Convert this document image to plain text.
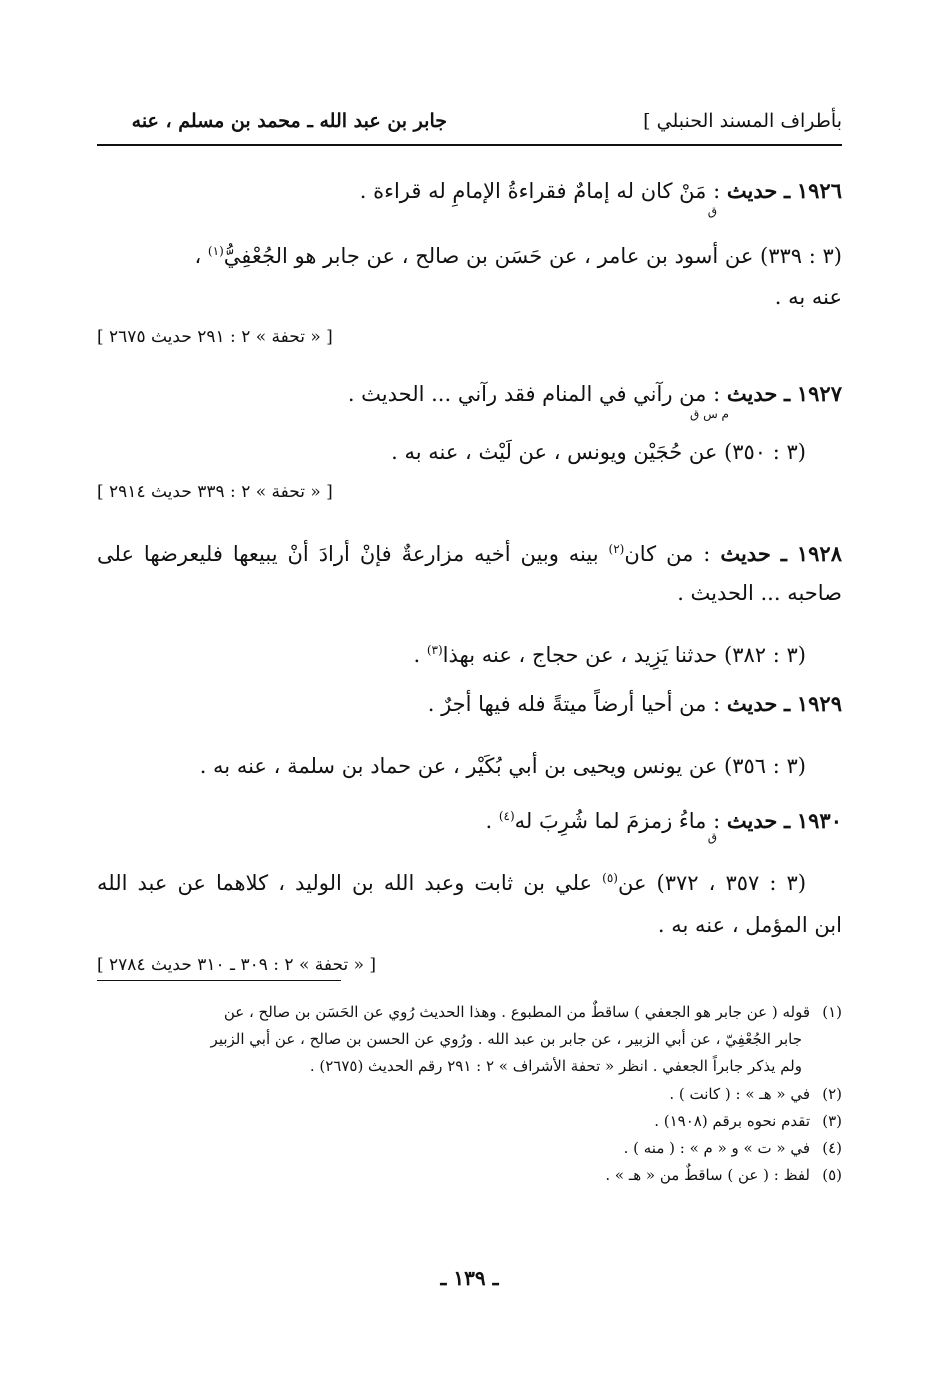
بأطراف المسند الحنبلي ]
جابر بن عبد الله ـ محمد بن مسلم ، عنه
١٩٢٦ ـ حديث : مَنْ كان له إمامٌ فقراءةُ الإمامِ له قراءة .
ق
(٣ : ٣٣٩) عن أسود بن عامر ، عن حَسَن بن صالح ، عن جابر هو الجُعْفِيُّ$^{(١)}$ ،
عنه به .
[ « تحفة » ٢ : ٢٩١ حديث ٢٦٧٥ ]
١٩٢٧ ـ حديث : من رآني في المنام فقد رآني ... الحديث .
م س ق
(٣ : ٣٥٠) عن حُجَيْن ويونس ، عن لَيْث ، عنه به .
[ « تحفة » ٢ : ٣٣٩ حديث ٢٩١٤ ]
١٩٢٨ ـ حديث : من كان$^{(٢)}$ بينه وبين أخيه مزارعةٌ فإنْ أرادَ أنْ يبيعها فليعرضها على
صاحبه ... الحديث .
(٣ : ٣٨٢) حدثنا يَزِيد ، عن حجاج ، عنه بهذا$^{(٣)}$ .
١٩٢٩ ـ حديث : من أحيا أرضاً ميتةً فله فيها أجرٌ .
(٣ : ٣٥٦) عن يونس ويحيى بن أبي بُكَيْر ، عن حماد بن سلمة ، عنه به .
١٩٣٠ ـ حديث : ماءُ زمزمَ لما شُرِبَ له$^{(٤)}$ .
ق
(٣ : ٣٥٧ ، ٣٧٢) عن$^{(٥)}$ علي بن ثابت وعبد الله بن الوليد ، كلاهما عن عبد الله
ابن المؤمل ، عنه به .
[ « تحفة » ٢ : ٣٠٩ ـ ٣١٠ حديث ٢٧٨٤ ]
(١)قوله ( عن جابر هو الجعفي ) ساقطٌ من المطبوع . وهذا الحديث رُوي عن الحَسَن بن صالح ، عن
جابر الجُعْفِيّ ، عن أبي الزبير ، عن جابر بن عبد الله . ورُوي عن الحسن بن صالح ، عن أبي الزبير
ولم يذكر جابراً الجعفي . انظر « تحفة الأشراف » ٢ : ٢٩١ رقم الحديث (٢٦٧٥) .
(٢)في « هـ » : ( كانت ) .
(٣)تقدم نحوه برقم (١٩٠٨) .
(٤)في « ت » و « م » : ( منه ) .
(٥)لفظ : ( عن ) ساقطٌ من « هـ » .
ـ ١٣٩ ـ
